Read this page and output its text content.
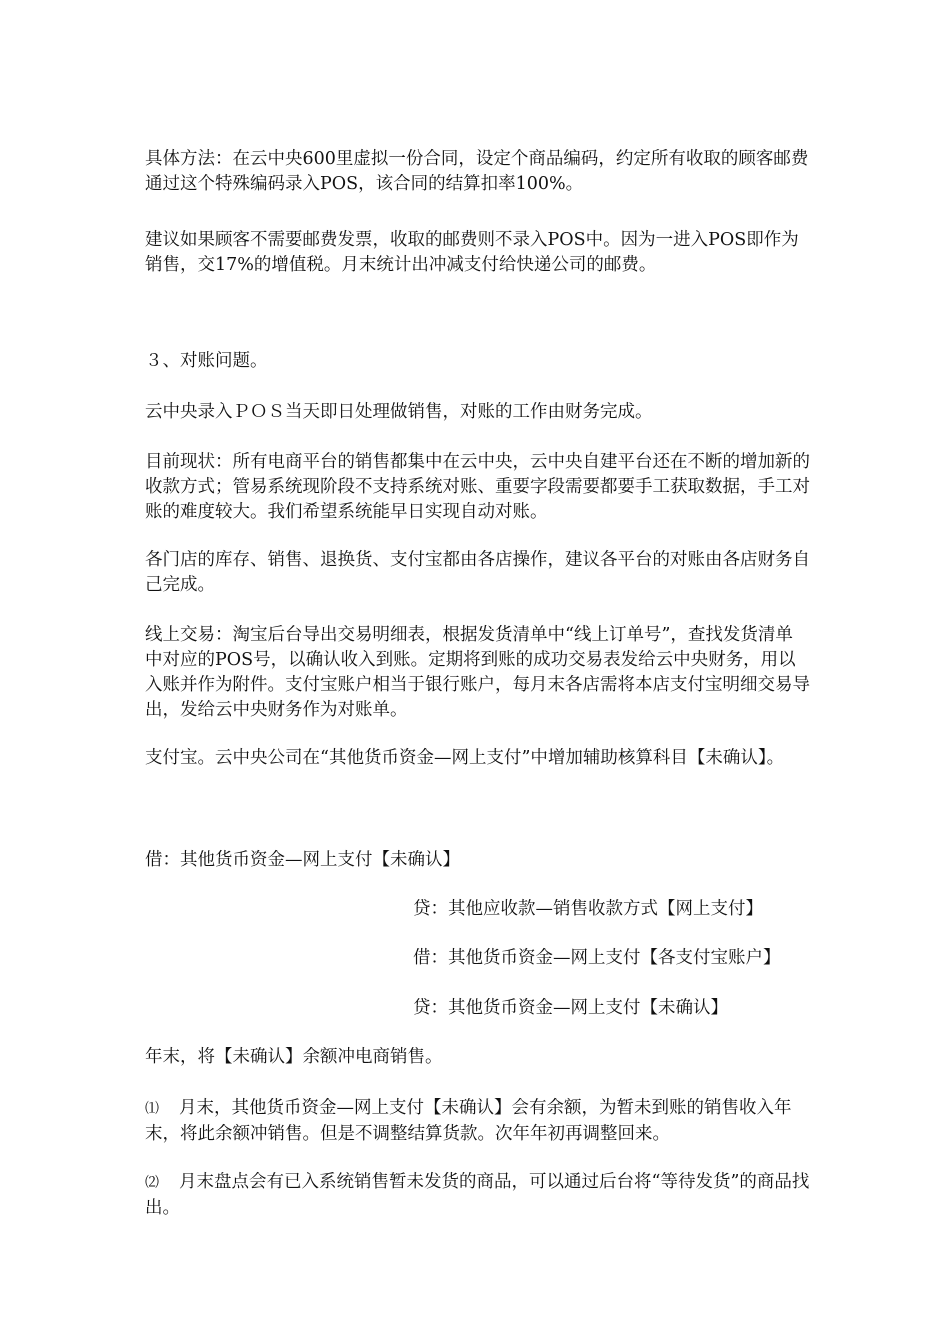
具体方法：在云中央600里虚拟一份合同，设定个商品编码，约定所有收取的顾客邮费通过这个特殊编码录入POS，该合同的结算扣率100%。

建议如果顾客不需要邮费发票，收取的邮费则不录入POS中。因为一进入POS即作为销售，交17%的增值税。月末统计出冲减支付给快递公司的邮费。

３、对账问题。

云中央录入ＰＯＳ当天即日处理做销售，对账的工作由财务完成。

目前现状：所有电商平台的销售都集中在云中央，云中央自建平台还在不断的增加新的收款方式；管易系统现阶段不支持系统对账、重要字段需要都要手工获取数据，手工对账的难度较大。我们希望系统能早日实现自动对账。

各门店的库存、销售、退换货、支付宝都由各店操作，建议各平台的对账由各店财务自己完成。

线上交易：淘宝后台导出交易明细表，根据发货清单中“线上订单号”，查找发货清单中对应的POS号，以确认收入到账。定期将到账的成功交易表发给云中央财务，用以入账并作为附件。支付宝账户相当于银行账户，每月末各店需将本店支付宝明细交易导出，发给云中央财务作为对账单。

支付宝。云中央公司在“其他货币资金—网上支付”中增加辅助核算科目【未确认】。

借：其他货币资金—网上支付【未确认】

贷：其他应收款—销售收款方式【网上支付】

借：其他货币资金—网上支付【各支付宝账户】

贷：其他货币资金—网上支付【未确认】

年末，将【未确认】余额冲电商销售。

⑴ 月末，其他货币资金—网上支付【未确认】会有余额，为暂未到账的销售收入年末，将此余额冲销售。但是不调整结算货款。次年年初再调整回来。

⑵ 月末盘点会有已入系统销售暂未发货的商品，可以通过后台将“等待发货”的商品找出。
